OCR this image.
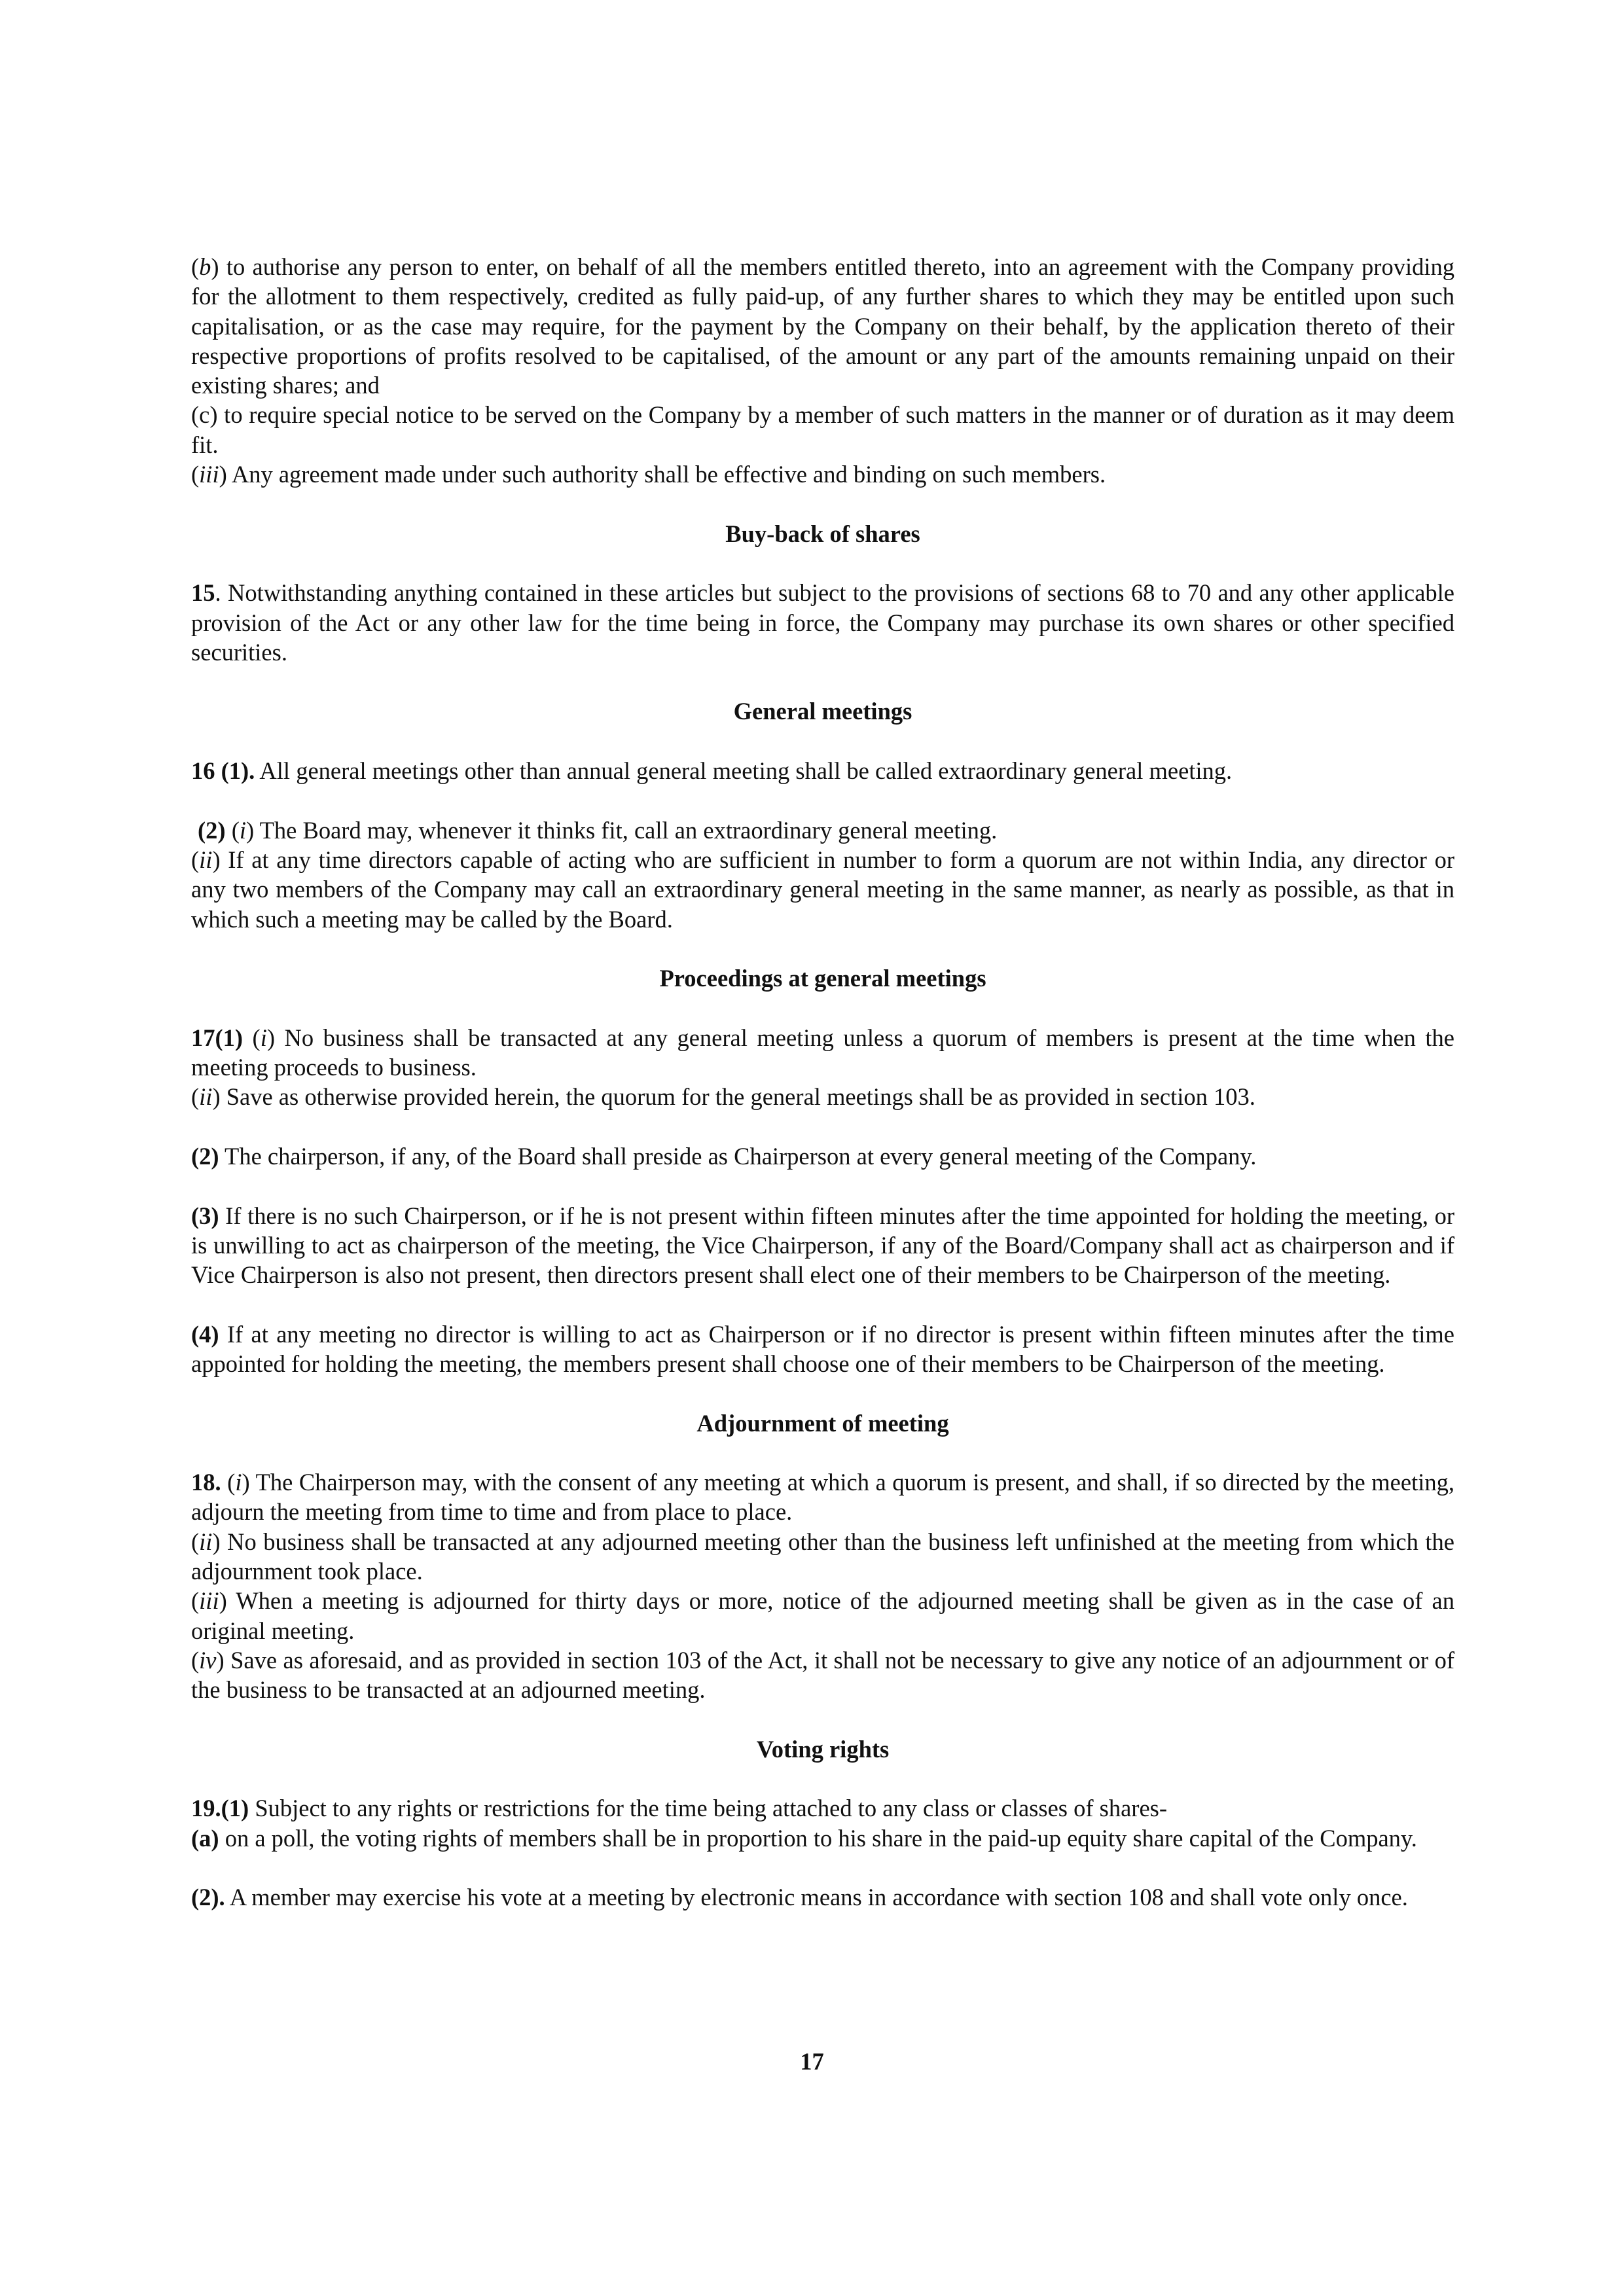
(b) to authorise any person to enter, on behalf of all the members entitled thereto, into an agreement with the Company providing for the allotment to them respectively, credited as fully paid-up, of any further shares to which they may be entitled upon such capitalisation, or as the case may require, for the payment by the Company on their behalf, by the application thereto of their respective proportions of profits resolved to be capitalised, of the amount or any part of the amounts remaining unpaid on their existing shares; and

(c) to require special notice to be served on the Company by a member of such matters in the manner or of duration as it may deem fit.

(iii) Any agreement made under such authority shall be effective and binding on such members.

Buy-back of shares

15. Notwithstanding anything contained in these articles but subject to the provisions of sections 68 to 70 and any other applicable provision of the Act or any other law for the time being in force, the Company may purchase its own shares or other specified securities.

General meetings

16 (1). All general meetings other than annual general meeting shall be called extraordinary general meeting.

(2) (i) The Board may, whenever it thinks fit, call an extraordinary general meeting.

(ii) If at any time directors capable of acting who are sufficient in number to form a quorum are not within India, any director or any two members of the Company may call an extraordinary general meeting in the same manner, as nearly as possible, as that in which such a meeting may be called by the Board.

Proceedings at general meetings

17(1) (i) No business shall be transacted at any general meeting unless a quorum of members is present at the time when the meeting proceeds to business.

(ii) Save as otherwise provided herein, the quorum for the general meetings shall be as provided in section 103.

(2) The chairperson, if any, of the Board shall preside as Chairperson at every general meeting of the Company.

(3) If there is no such Chairperson, or if he is not present within fifteen minutes after the time appointed for holding the meeting, or is unwilling to act as chairperson of the meeting, the Vice Chairperson, if any of the Board/Company shall act as chairperson and if Vice Chairperson is also not present, then directors present shall elect one of their members to be Chairperson of the meeting.

(4) If at any meeting no director is willing to act as Chairperson or if no director is present within fifteen minutes after the time appointed for holding the meeting, the members present shall choose one of their members to be Chairperson of the meeting.

Adjournment of meeting

18. (i) The Chairperson may, with the consent of any meeting at which a quorum is present, and shall, if so directed by the meeting, adjourn the meeting from time to time and from place to place.

(ii) No business shall be transacted at any adjourned meeting other than the business left unfinished at the meeting from which the adjournment took place.

(iii) When a meeting is adjourned for thirty days or more, notice of the adjourned meeting shall be given as in the case of an original meeting.

(iv) Save as aforesaid, and as provided in section 103 of the Act, it shall not be necessary to give any notice of an adjournment or of the business to be transacted at an adjourned meeting.

Voting rights

19.(1) Subject to any rights or restrictions for the time being attached to any class or classes of shares-

(a) on a poll, the voting rights of members shall be in proportion to his share in the paid-up equity share capital of the Company.

(2). A member may exercise his vote at a meeting by electronic means in accordance with section 108 and shall vote only once.

17
